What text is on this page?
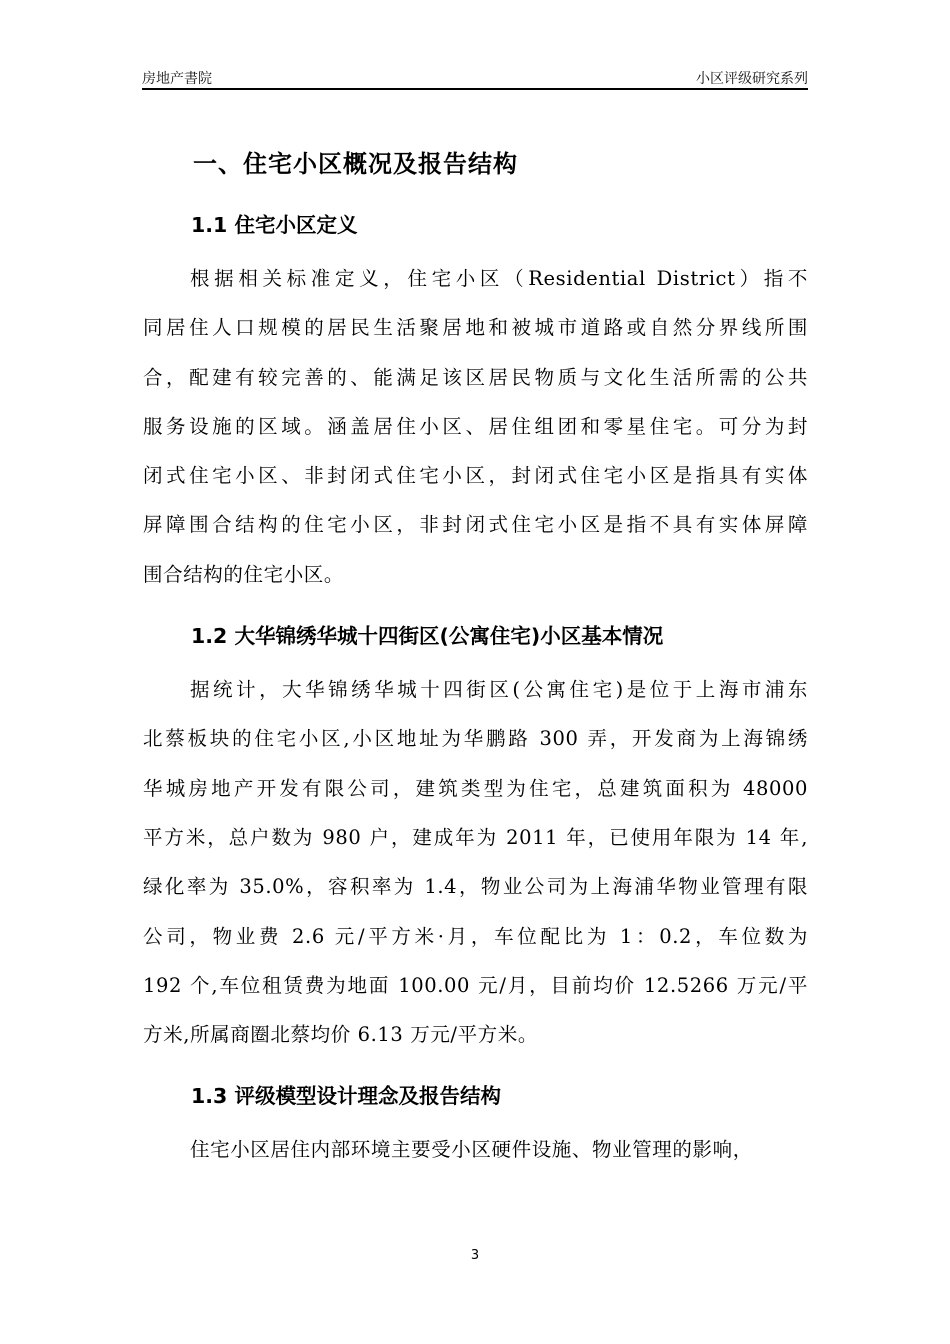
房地产書院	小区评级研究系列
一、住宅小区概况及报告结构
1.1 住宅小区定义
根据相关标准定义，住宅小区（Residential District）指不
同居住人口规模的居民生活聚居地和被城市道路或自然分界线所围
合，配建有较完善的、能满足该区居民物质与文化生活所需的公共
服务设施的区域。涵盖居住小区、居住组团和零星住宅。可分为封
闭式住宅小区、非封闭式住宅小区，封闭式住宅小区是指具有实体
屏障围合结构的住宅小区，非封闭式住宅小区是指不具有实体屏障
围合结构的住宅小区。
1.2 大华锦绣华城十四街区(公寓住宅)小区基本情况
据统计，大华锦绣华城十四街区(公寓住宅)是位于上海市浦东
北蔡板块的住宅小区,小区地址为华鹏路 300 弄，开发商为上海锦绣
华城房地产开发有限公司，建筑类型为住宅，总建筑面积为 48000
平方米，总户数为 980 户，建成年为 2011 年，已使用年限为 14 年,
绿化率为 35.0%，容积率为 1.4，物业公司为上海浦华物业管理有限
公司，物业费 2.6 元/平方米·月，车位配比为 1：0.2，车位数为
192 个,车位租赁费为地面 100.00 元/月，目前均价 12.5266 万元/平
方米,所属商圈北蔡均价 6.13 万元/平方米。
1.3 评级模型设计理念及报告结构
住宅小区居住内部环境主要受小区硬件设施、物业管理的影响，
3
